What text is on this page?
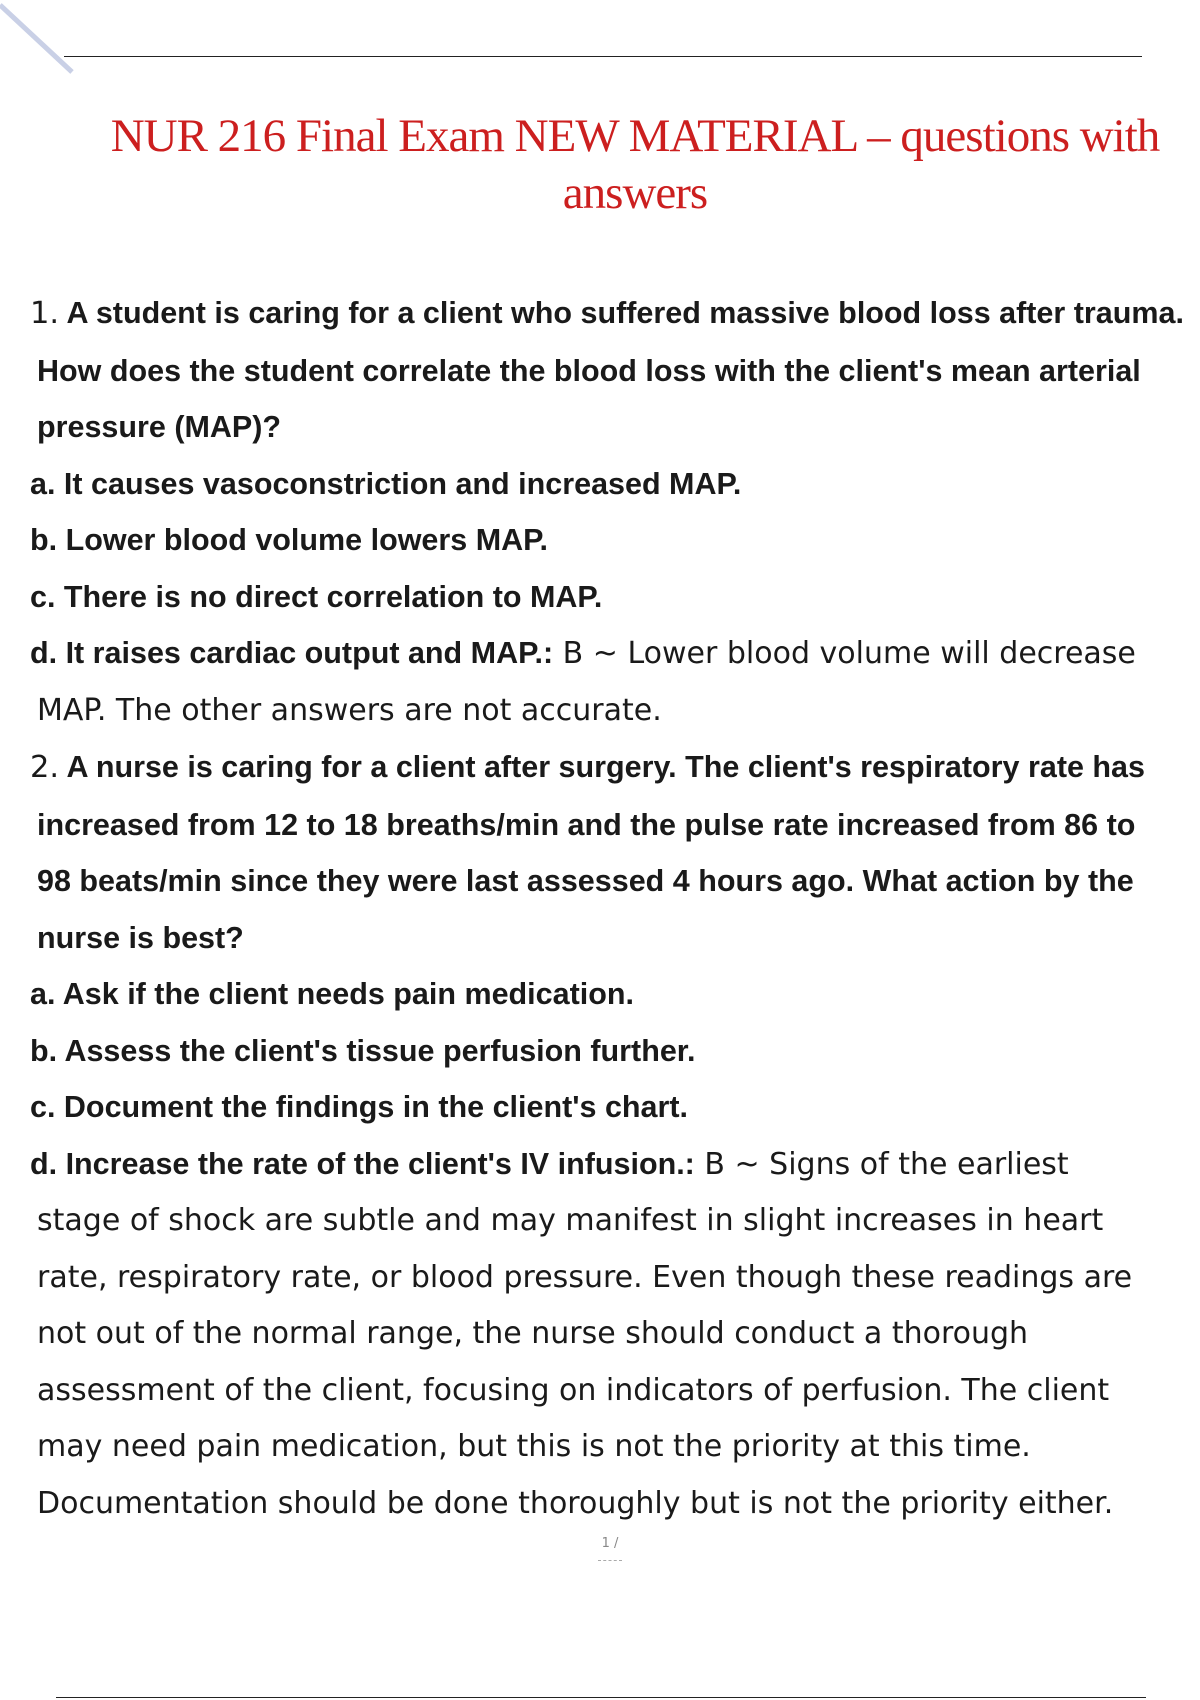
NUR 216 Final Exam NEW MATERIAL – questions with
answers

1. A student is caring for a client who suffered massive blood loss after trauma.

How does the student correlate the blood loss with the client's mean arterial

pressure (MAP)?

a. It causes vasoconstriction and increased MAP.

b. Lower blood volume lowers MAP.

c. There is no direct correlation to MAP.

d. It raises cardiac output and MAP.: B ~ Lower blood volume will decrease

MAP. The other answers are not accurate.

2. A nurse is caring for a client after surgery. The client's respiratory rate has

increased from 12 to 18 breaths/min and the pulse rate increased from 86 to

98 beats/min since they were last assessed 4 hours ago. What action by the

nurse is best?

a. Ask if the client needs pain medication.

b. Assess the client's tissue perfusion further.

c. Document the findings in the client's chart.

d. Increase the rate of the client's IV infusion.: B ~ Signs of the earliest

stage of shock are subtle and may manifest in slight increases in heart

rate, respiratory rate, or blood pressure. Even though these readings are

not out of the normal range, the nurse should conduct a thorough

assessment of the client, focusing on indicators of perfusion. The client

may need pain medication, but this is not the priority at this time.

Documentation should be done thoroughly but is not the priority either.

1 /
